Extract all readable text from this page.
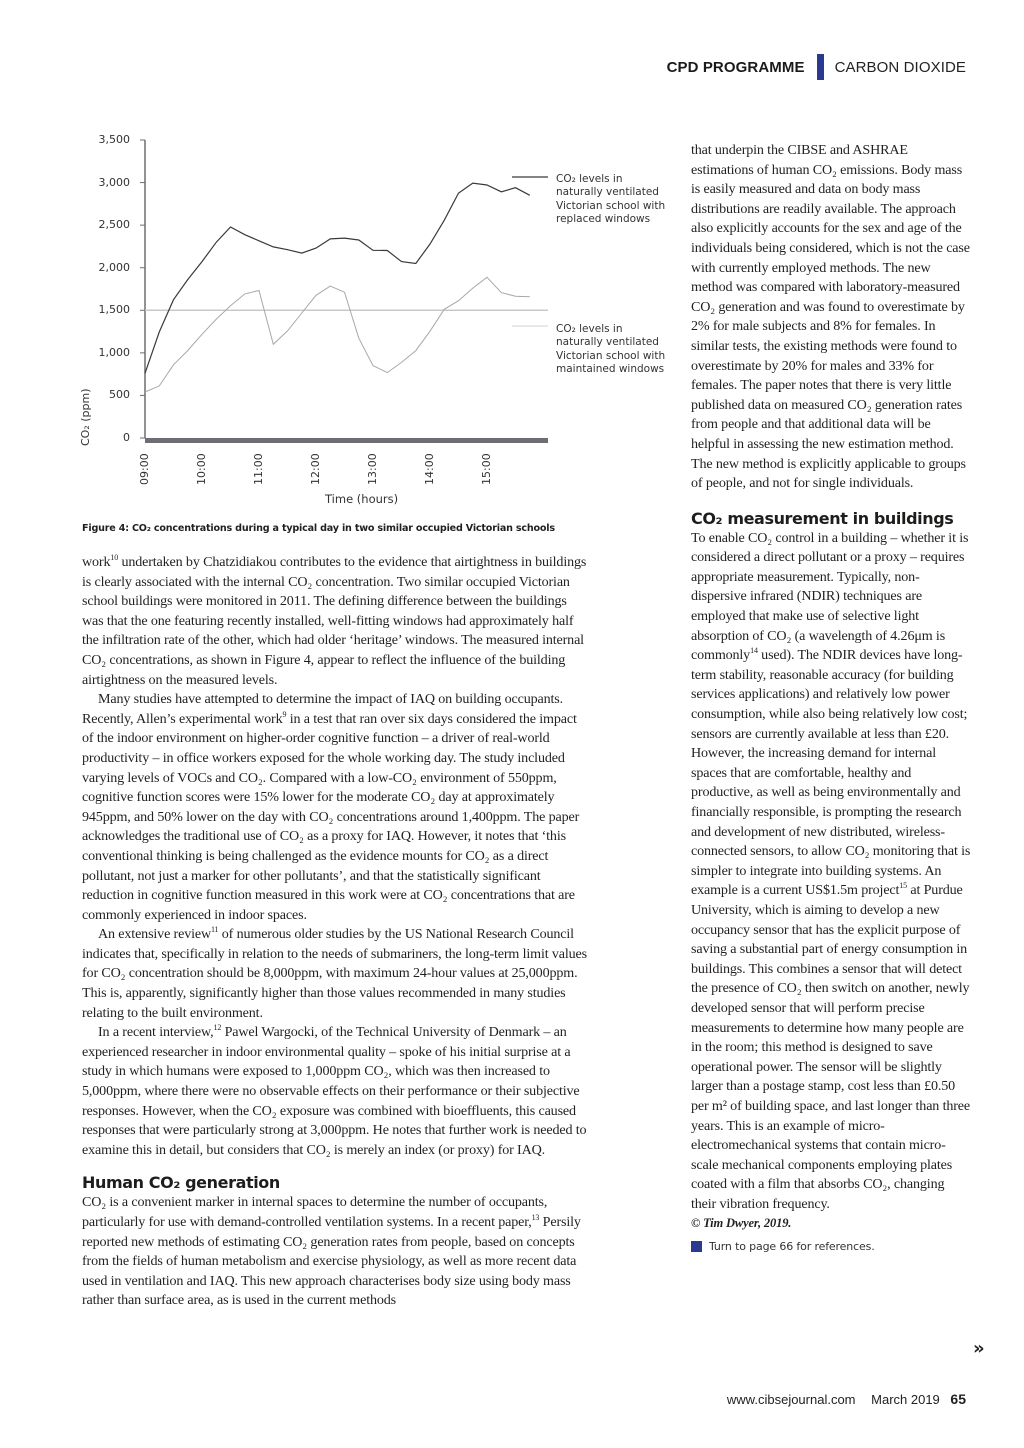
CPD PROGRAMME CARBON DIOXIDE
0
500
1,000
1,500
2,000
2,500
3,000
3,500
09:00	10:00	11:00	12:00	13:00	14:00	15:00
CO₂ (ppm)
Time (hours)
CO₂ levels in naturally ventilated Victorian school with replaced windows
CO₂ levels in naturally ventilated Victorian school with maintained windows
Figure 4: CO₂ concentrations during a typical day in two similar occupied Victorian schools

work$^{10}$ undertaken by Chatzidiakou contributes to the evidence that airtightness in buildings is clearly associated with the internal CO₂ concentration. Two similar occupied Victorian school buildings were monitored in 2011. The defining difference between the buildings was that the one featuring recently installed, well-fitting windows had approximately half the infiltration rate of the other, which had older ‘heritage’ windows. The measured internal CO₂ concentrations, as shown in Figure 4, appear to reflect the influence of the building airtightness on the measured levels.

Many studies have attempted to determine the impact of IAQ on building occupants. Recently, Allen’s experimental work$^9$ in a test that ran over six days considered the impact of the indoor environment on higher-order cognitive function – a driver of real-world productivity – in office workers exposed for the whole working day. The study included varying levels of VOCs and CO₂. Compared with a low-CO₂ environment of 550ppm, cognitive function scores were 15% lower for the moderate CO₂ day at approximately 945ppm, and 50% lower on the day with CO₂ concentrations around 1,400ppm. The paper acknowledges the traditional use of CO₂ as a proxy for IAQ. However, it notes that ‘this conventional thinking is being challenged as the evidence mounts for CO₂ as a direct pollutant, not just a marker for other pollutants’, and that the statistically significant reduction in cognitive function measured in this work were at CO₂ concentrations that are commonly experienced in indoor spaces.

An extensive review$^{11}$ of numerous older studies by the US National Research Council indicates that, specifically in relation to the needs of submariners, the long-term limit values for CO₂ concentration should be 8,000ppm, with maximum 24-hour values at 25,000ppm. This is, apparently, significantly higher than those values recommended in many studies relating to the built environment.

In a recent interview,$^{12}$ Pawel Wargocki, of the Technical University of Denmark – an experienced researcher in indoor environmental quality – spoke of his initial surprise at a study in which humans were exposed to 1,000ppm CO₂, which was then increased to 5,000ppm, where there were no observable effects on their performance or their subjective responses. However, when the CO₂ exposure was combined with bioeffluents, this caused responses that were particularly strong at 3,000ppm. He notes that further work is needed to examine this in detail, but considers that CO₂ is merely an index (or proxy) for IAQ.

Human CO₂ generation

CO₂ is a convenient marker in internal spaces to determine the number of occupants, particularly for use with demand-controlled ventilation systems. In a recent paper,$^{13}$ Persily reported new methods of estimating CO₂ generation rates from people, based on concepts from the fields of human metabolism and exercise physiology, as well as more recent data used in ventilation and IAQ. This new approach characterises body size using body mass rather than surface area, as is used in the current methods

that underpin the CIBSE and ASHRAE estimations of human CO₂ emissions. Body mass is easily measured and data on body mass distributions are readily available. The approach also explicitly accounts for the sex and age of the individuals being considered, which is not the case with currently employed methods. The new method was compared with laboratory-measured CO₂ generation and was found to overestimate by 2% for male subjects and 8% for females. In similar tests, the existing methods were found to overestimate by 20% for males and 33% for females. The paper notes that there is very little published data on measured CO₂ generation rates from people and that additional data will be helpful in assessing the new estimation method. The new method is explicitly applicable to groups of people, and not for single individuals.

CO₂ measurement in buildings

To enable CO₂ control in a building – whether it is considered a direct pollutant or a proxy – requires appropriate measurement. Typically, non-dispersive infrared (NDIR) techniques are employed that make use of selective light absorption of CO₂ (a wavelength of 4.26μm is commonly$^{14}$ used). The NDIR devices have long-term stability, reasonable accuracy (for building services applications) and relatively low power consumption, while also being relatively low cost; sensors are currently available at less than £20. However, the increasing demand for internal spaces that are comfortable, healthy and productive, as well as being environmentally and financially responsible, is prompting the research and development of new distributed, wireless-connected sensors, to allow CO₂ monitoring that is simpler to integrate into building systems. An example is a current US$1.5m project$^{15}$ at Purdue University, which is aiming to develop a new occupancy sensor that has the explicit purpose of saving a substantial part of energy consumption in buildings. This combines a sensor that will detect the presence of CO₂ then switch on another, newly developed sensor that will perform precise measurements to determine how many people are in the room; this method is designed to save operational power. The sensor will be slightly larger than a postage stamp, cost less than £0.50 per m² of building space, and last longer than three years. This is an example of micro-electromechanical systems that contain micro-scale mechanical components employing plates coated with a film that absorbs CO₂, changing their vibration frequency.

© Tim Dwyer, 2019.

Turn to page 66 for references.
»
www.cibsejournal.com March 2019 65
